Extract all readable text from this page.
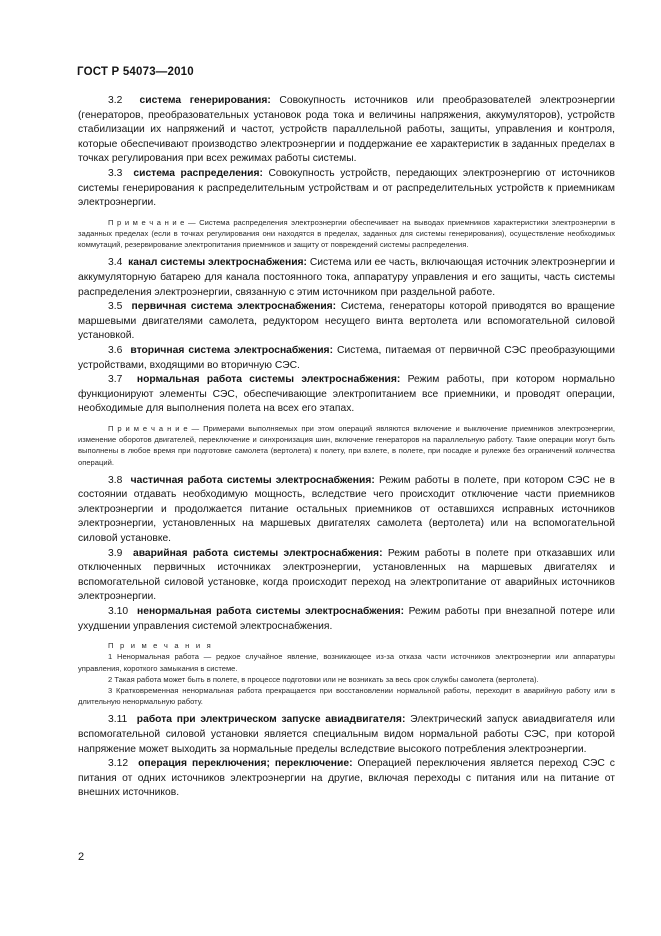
ГОСТ Р 54073—2010

3.2 система генерирования: Совокупность источников или преобразователей электроэнергии (генераторов, преобразовательных установок рода тока и величины напряжения, аккумуляторов), устройств стабилизации их напряжений и частот, устройств параллельной работы, защиты, управления и контроля, которые обеспечивают производство электроэнергии и поддержание ее характеристик в заданных пределах в точках регулирования при всех режимах работы системы.

3.3 система распределения: Совокупность устройств, передающих электроэнергию от источников системы генерирования к распределительным устройствам и от распределительных устройств к приемникам электроэнергии.

П р и м е ч а н и е — Система распределения электроэнергии обеспечивает на выводах приемников характеристики электроэнергии в заданных пределах (если в точках регулирования они находятся в пределах, заданных для системы генерирования), осуществление необходимых коммутаций, резервирование электропитания приемников и защиту от повреждений системы распределения.

3.4 канал системы электроснабжения: Система или ее часть, включающая источник электроэнергии и аккумуляторную батарею для канала постоянного тока, аппаратуру управления и его защиты, часть системы распределения электроэнергии, связанную с этим источником при раздельной работе.

3.5 первичная система электроснабжения: Система, генераторы которой приводятся во вращение маршевыми двигателями самолета, редуктором несущего винта вертолета или вспомогательной силовой установкой.

3.6 вторичная система электроснабжения: Система, питаемая от первичной СЭС преобразующими устройствами, входящими во вторичную СЭС.

3.7 нормальная работа системы электроснабжения: Режим работы, при котором нормально функционируют элементы СЭС, обеспечивающие электропитанием все приемники, и проводят операции, необходимые для выполнения полета на всех его этапах.

П р и м е ч а н и е — Примерами выполняемых при этом операций являются включение и выключение приемников электроэнергии, изменение оборотов двигателей, переключение и синхронизация шин, включение генераторов на параллельную работу. Такие операции могут быть выполнены в любое время при подготовке самолета (вертолета) к полету, при взлете, в полете, при посадке и рулежке без ограничений количества операций.

3.8 частичная работа системы электроснабжения: Режим работы в полете, при котором СЭС не в состоянии отдавать необходимую мощность, вследствие чего происходит отключение части приемников электроэнергии и продолжается питание остальных приемников от оставшихся исправных источников электроэнергии, установленных на маршевых двигателях самолета (вертолета) или на вспомогательной силовой установке.

3.9 аварийная работа системы электроснабжения: Режим работы в полете при отказавших или отключенных первичных источниках электроэнергии, установленных на маршевых двигателях и вспомогательной силовой установке, когда происходит переход на электропитание от аварийных источников электроэнергии.

3.10 ненормальная работа системы электроснабжения: Режим работы при внезапной потере или ухудшении управления системой электроснабжения.

П р и м е ч а н и я

1 Ненормальная работа — редкое случайное явление, возникающее из-за отказа части источников электроэнергии или аппаратуры управления, короткого замыкания в системе.

2 Такая работа может быть в полете, в процессе подготовки или не возникать за весь срок службы самолета (вертолета).

3 Кратковременная ненормальная работа прекращается при восстановлении нормальной работы, переходит в аварийную работу или в длительную ненормальную работу.

3.11 работа при электрическом запуске авиадвигателя: Электрический запуск авиадвигателя или вспомогательной силовой установки является специальным видом нормальной работы СЭС, при которой напряжение может выходить за нормальные пределы вследствие высокого потребления электроэнергии.

3.12 операция переключения; переключение: Операцией переключения является переход СЭС с питания от одних источников электроэнергии на другие, включая переходы с питания или на питание от внешних источников.

2
